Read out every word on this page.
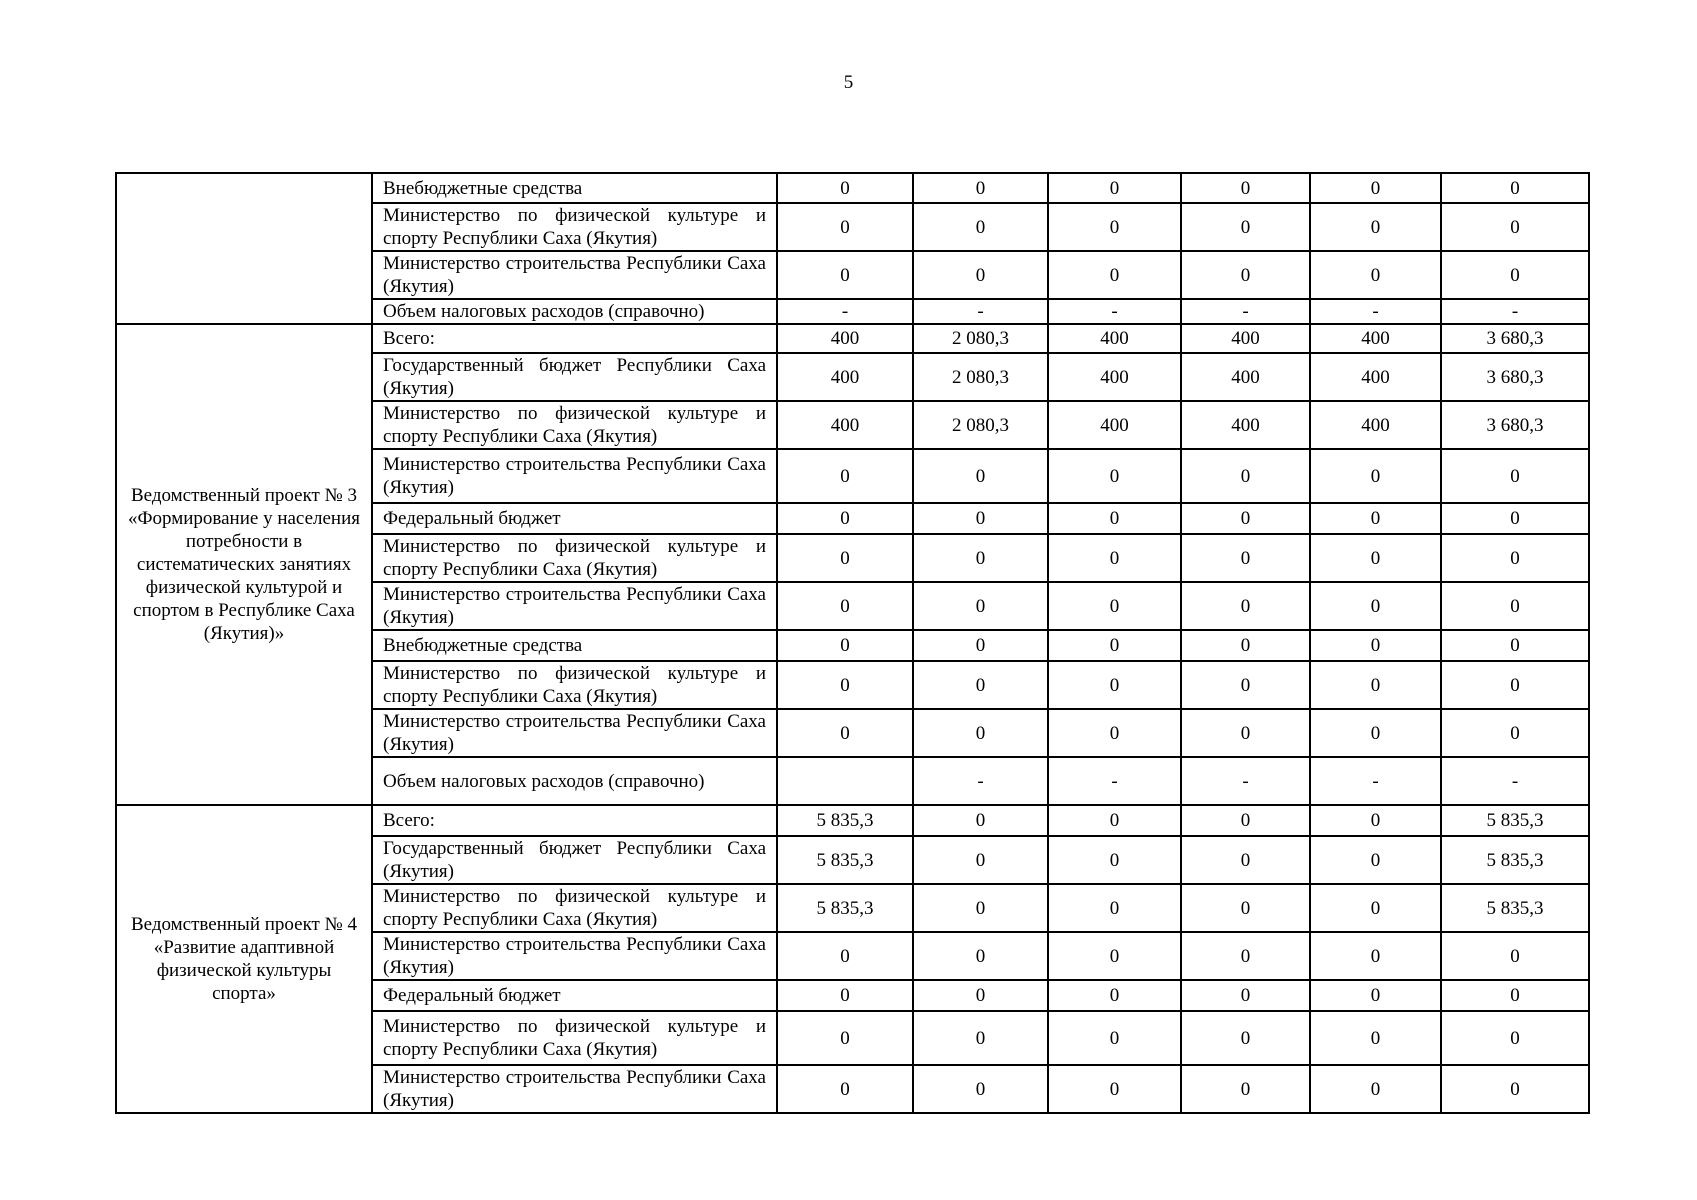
5
	Внебюджетные средства	0	0	0	0	0	0
	Министерство по физической культуре и спорту Республики Саха (Якутия)	0	0	0	0	0	0
	Министерство строительства Республики Саха (Якутия)	0	0	0	0	0	0
	Объем налоговых расходов (справочно)	-	-	-	-	-	-
Ведомственный проект № 3 «Формирование у населения потребности в систематических занятиях физической культурой и спортом в Республике Саха (Якутия)»	Всего:	400	2 080,3	400	400	400	3 680,3
	Государственный бюджет Республики Саха (Якутия)	400	2 080,3	400	400	400	3 680,3
	Министерство по физической культуре и спорту Республики Саха (Якутия)	400	2 080,3	400	400	400	3 680,3
	Министерство строительства Республики Саха (Якутия)	0	0	0	0	0	0
	Федеральный бюджет	0	0	0	0	0	0
	Министерство по физической культуре и спорту Республики Саха (Якутия)	0	0	0	0	0	0
	Министерство строительства Республики Саха (Якутия)	0	0	0	0	0	0
	Внебюджетные средства	0	0	0	0	0	0
	Министерство по физической культуре и спорту Республики Саха (Якутия)	0	0	0	0	0	0
	Министерство строительства Республики Саха (Якутия)	0	0	0	0	0	0
	Объем налоговых расходов (справочно)		-	-	-	-	-
Ведомственный проект № 4 «Развитие адаптивной физической культуры спорта»	Всего:	5 835,3	0	0	0	0	5 835,3
	Государственный бюджет Республики Саха (Якутия)	5 835,3	0	0	0	0	5 835,3
	Министерство по физической культуре и спорту Республики Саха (Якутия)	5 835,3	0	0	0	0	5 835,3
	Министерство строительства Республики Саха (Якутия)	0	0	0	0	0	0
	Федеральный бюджет	0	0	0	0	0	0
	Министерство по физической культуре и спорту Республики Саха (Якутия)	0	0	0	0	0	0
	Министерство строительства Республики Саха (Якутия)	0	0	0	0	0	0
